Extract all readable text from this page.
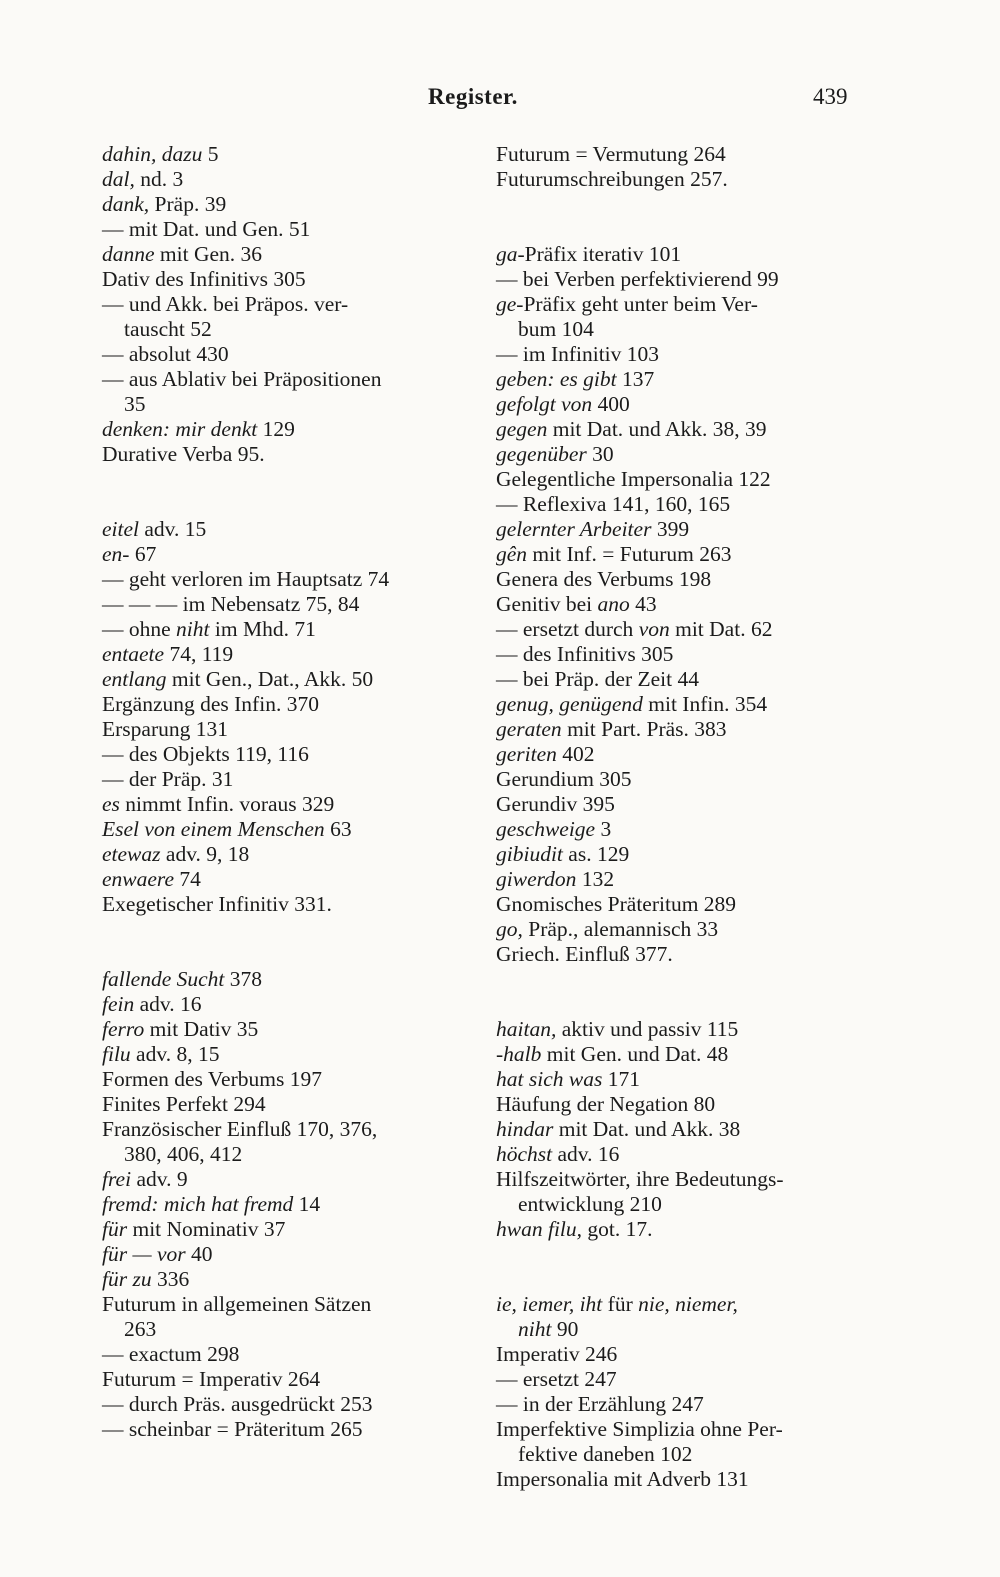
Register.	439
dahin, dazu 5
dal, nd. 3
dank, Präp. 39
— mit Dat. und Gen. 51
danne mit Gen. 36
Dativ des Infinitivs 305
— und Akk. bei Präpos. ver-
tauscht 52
— absolut 430
— aus Ablativ bei Präpositionen
35
denken: mir denkt 129
Durative Verba 95.
eitel adv. 15
en- 67
— geht verloren im Hauptsatz 74
— — — im Nebensatz 75, 84
— ohne niht im Mhd. 71
entaete 74, 119
entlang mit Gen., Dat., Akk. 50
Ergänzung des Infin. 370
Ersparung 131
— des Objekts 119, 116
— der Präp. 31
es nimmt Infin. voraus 329
Esel von einem Menschen 63
etewaz adv. 9, 18
enwaere 74
Exegetischer Infinitiv 331.
fallende Sucht 378
fein adv. 16
ferro mit Dativ 35
filu adv. 8, 15
Formen des Verbums 197
Finites Perfekt 294
Französischer Einfluß 170, 376,
380, 406, 412
frei adv. 9
fremd: mich hat fremd 14
für mit Nominativ 37
für — vor 40
für zu 336
Futurum in allgemeinen Sätzen
263
— exactum 298
Futurum = Imperativ 264
— durch Präs. ausgedrückt 253
— scheinbar = Präteritum 265
Futurum = Vermutung 264
Futurumschreibungen 257.
ga-Präfix iterativ 101
— bei Verben perfektivierend 99
ge-Präfix geht unter beim Ver-
bum 104
— im Infinitiv 103
geben: es gibt 137
gefolgt von 400
gegen mit Dat. und Akk. 38, 39
gegenüber 30
Gelegentliche Impersonalia 122
— Reflexiva 141, 160, 165
gelernter Arbeiter 399
gên mit Inf. = Futurum 263
Genera des Verbums 198
Genitiv bei ano 43
— ersetzt durch von mit Dat. 62
— des Infinitivs 305
— bei Präp. der Zeit 44
genug, genügend mit Infin. 354
geraten mit Part. Präs. 383
geriten 402
Gerundium 305
Gerundiv 395
geschweige 3
gibiudit as. 129
giwerdon 132
Gnomisches Präteritum 289
go, Präp., alemannisch 33
Griech. Einfluß 377.
haitan, aktiv und passiv 115
-halb mit Gen. und Dat. 48
hat sich was 171
Häufung der Negation 80
hindar mit Dat. und Akk. 38
höchst adv. 16
Hilfszeitwörter, ihre Bedeutungs-
entwicklung 210
hwan filu, got. 17.
ie, iemer, iht für nie, niemer,
niht 90
Imperativ 246
— ersetzt 247
— in der Erzählung 247
Imperfektive Simplizia ohne Per-
fektive daneben 102
Impersonalia mit Adverb 131
